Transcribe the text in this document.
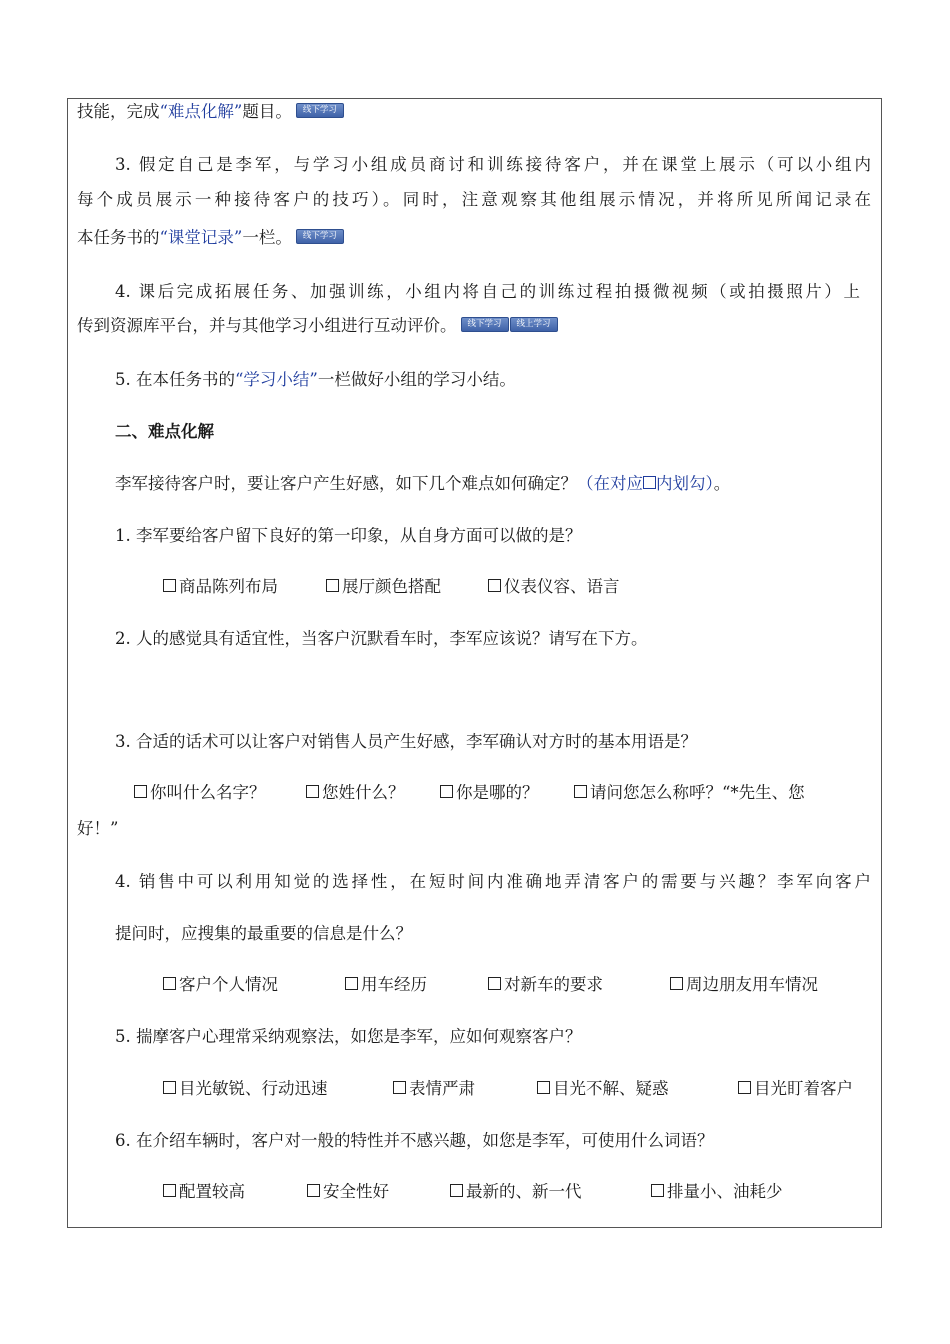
技能，完成“难点化解”题目。 线下学习
3. 假定自己是李军，与学习小组成员商讨和训练接待客户，并在课堂上展示（可以小组内
每个成员展示一种接待客户的技巧）。同时，注意观察其他组展示情况，并将所见所闻记录在
本任务书的“课堂记录”一栏。 线下学习
4. 课后完成拓展任务、加强训练，小组内将自己的训练过程拍摄微视频（或拍摄照片）上
传到资源库平台，并与其他学习小组进行互动评价。 线下学习 线上学习
5. 在本任务书的“学习小结”一栏做好小组的学习小结。
二、难点化解
李军接待客户时，要让客户产生好感，如下几个难点如何确定？（在对应 内划勾）。
1. 李军要给客户留下良好的第一印象，从自身方面可以做的是？
商品陈列布局	展厅颜色搭配	仪表仪容、语言
2. 人的感觉具有适宜性，当客户沉默看车时，李军应该说？请写在下方。
3. 合适的话术可以让客户对销售人员产生好感，李军确认对方时的基本用语是？
你叫什么名字？	您姓什么？	你是哪的？	请问您怎么称呼？“*先生、您
好！”
4. 销售中可以利用知觉的选择性，在短时间内准确地弄清客户的需要与兴趣？李军向客户
提问时，应搜集的最重要的信息是什么？
客户个人情况	用车经历	对新车的要求	周边朋友用车情况
5. 揣摩客户心理常采纳观察法，如您是李军，应如何观察客户？
目光敏锐、行动迅速	表情严肃	目光不解、疑惑	目光盯着客户
6. 在介绍车辆时，客户对一般的特性并不感兴趣，如您是李军，可使用什么词语？
配置较高	安全性好	最新的、新一代	排量小、油耗少
